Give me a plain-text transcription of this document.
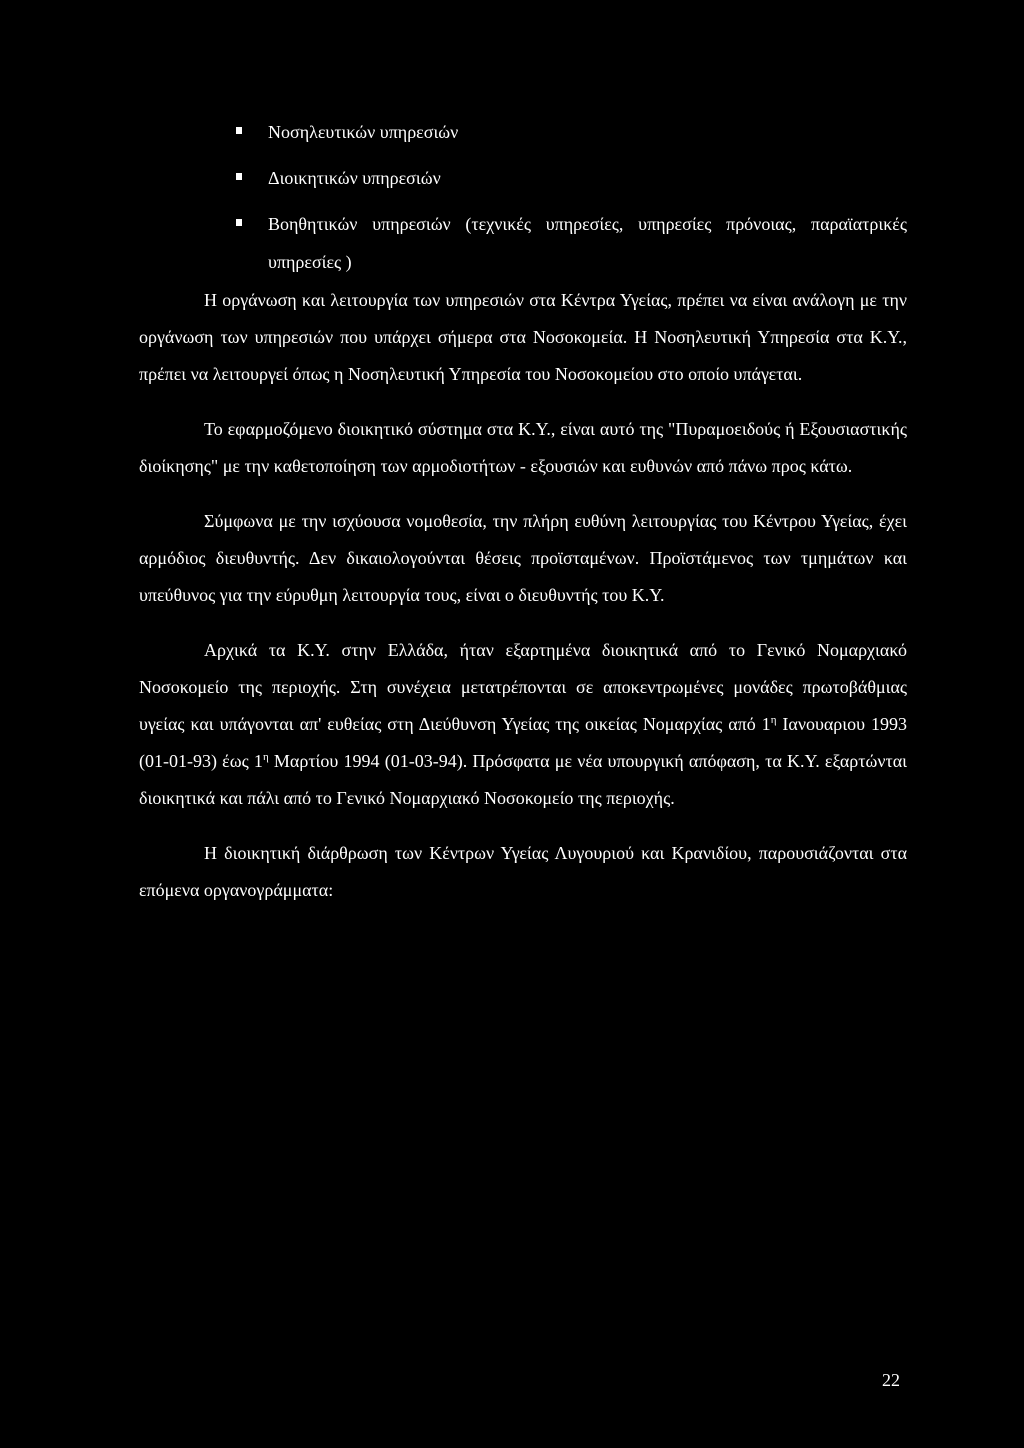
Νοσηλευτικών υπηρεσιών
Διοικητικών υπηρεσιών
Βοηθητικών υπηρεσιών (τεχνικές υπηρεσίες, υπηρεσίες πρόνοιας, παραϊατρικές υπηρεσίες )

Η οργάνωση και λειτουργία των υπηρεσιών στα Κέντρα Υγείας, πρέπει να είναι ανάλογη με την οργάνωση των υπηρεσιών που υπάρχει σήμερα στα Νοσοκομεία. Η Νοσηλευτική Υπηρεσία στα Κ.Υ., πρέπει να λειτουργεί όπως η Νοσηλευτική Υπηρεσία του Νοσοκομείου στο οποίο υπάγεται.

Το εφαρμοζόμενο διοικητικό σύστημα στα Κ.Υ., είναι αυτό της "Πυραμοειδούς ή Εξουσιαστικής διοίκησης" με την καθετοποίηση των αρμοδιοτήτων - εξουσιών και ευθυνών από πάνω προς κάτω.

Σύμφωνα με την ισχύουσα νομοθεσία, την πλήρη ευθύνη λειτουργίας του Κέντρου Υγείας, έχει αρμόδιος διευθυντής. Δεν δικαιολογούνται θέσεις προϊσταμένων. Προϊστάμενος των τμημάτων και υπεύθυνος για την εύρυθμη λειτουργία τους, είναι ο διευθυντής του Κ.Υ.

Αρχικά τα Κ.Υ. στην Ελλάδα, ήταν εξαρτημένα διοικητικά από το Γενικό Νομαρχιακό Νοσοκομείο της περιοχής. Στη συνέχεια μετατρέπονται σε αποκεντρωμένες μονάδες πρωτοβάθμιας υγείας και υπάγονται απ' ευθείας στη Διεύθυνση Υγείας της οικείας Νομαρχίας από $1^\eta$ Ιανουαριου 1993 (01-01-93) έως $1^\eta$ Μαρτίου 1994 (01-03-94). Πρόσφατα με νέα υπουργική απόφαση, τα Κ.Υ. εξαρτώνται διοικητικά και πάλι από το Γενικό Νομαρχιακό Νοσοκομείο της περιοχής.

Η διοικητική διάρθρωση των Κέντρων Υγείας Λυγουριού και Κρανιδίου, παρουσιάζονται στα επόμενα οργανογράμματα:

22
